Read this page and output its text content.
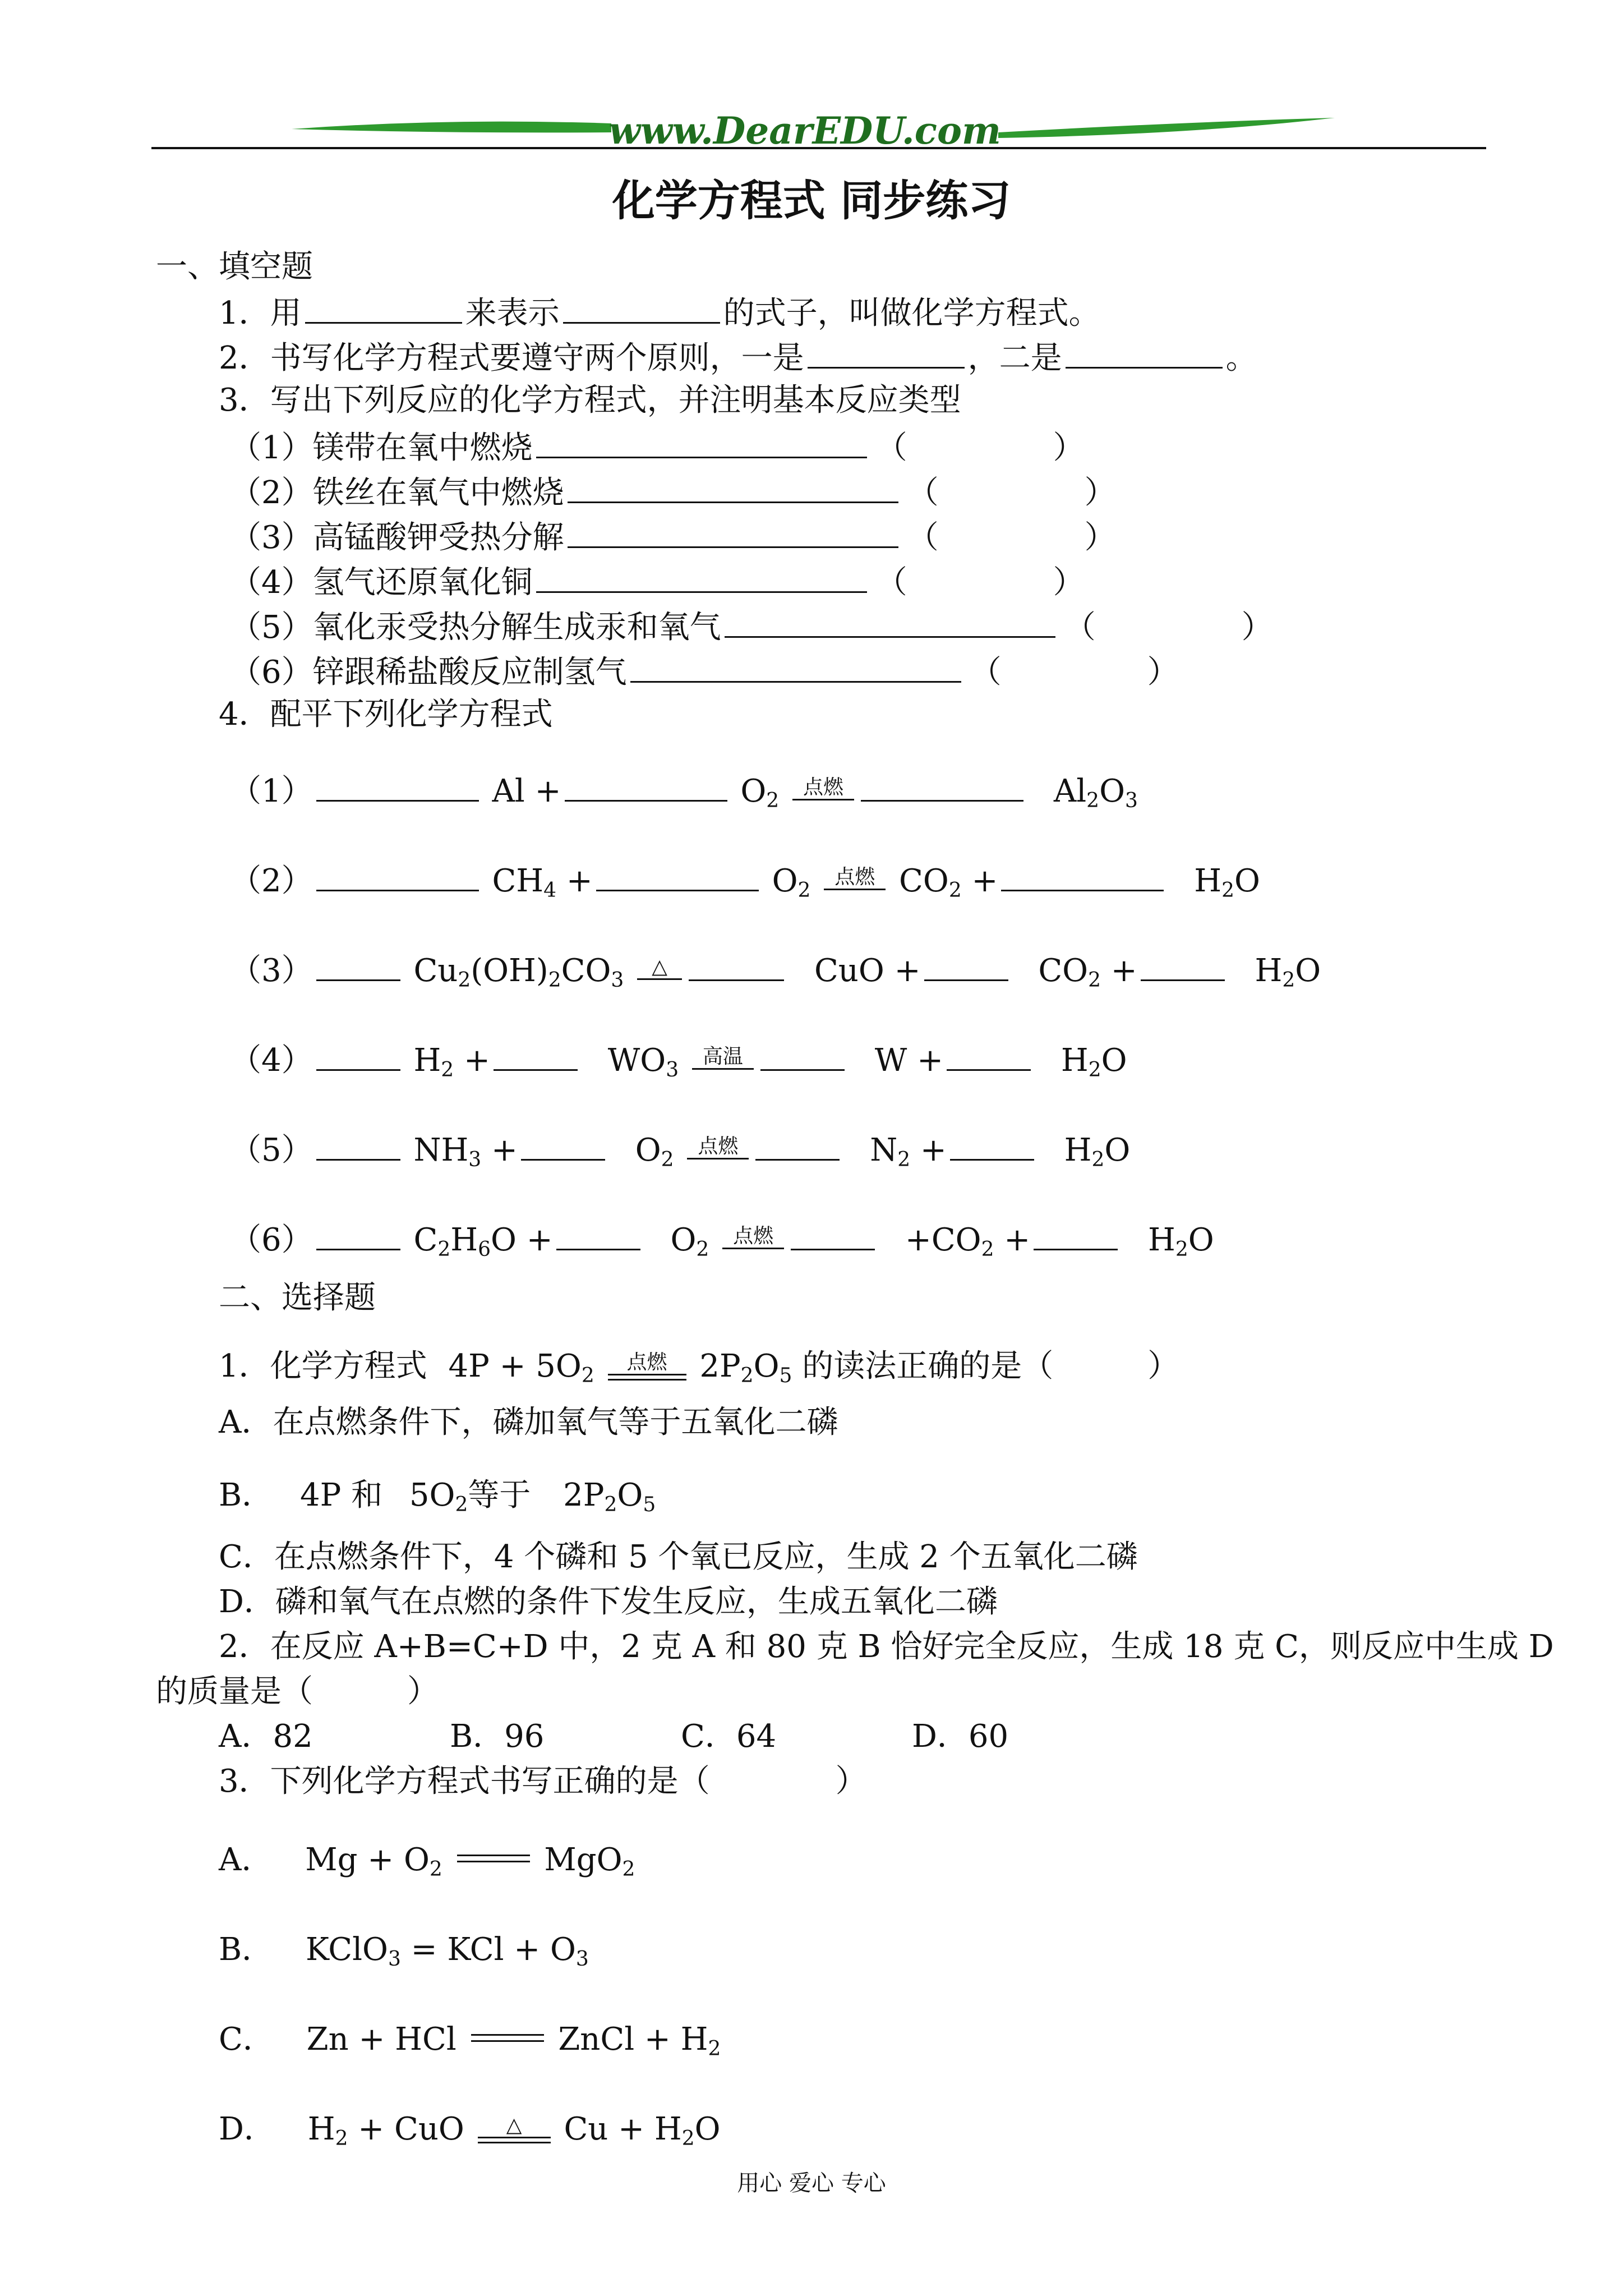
www.DearEDU.com
化学方程式 同步练习
一、填空题
1．用	来表示	的式子，叫做化学方程式。
2．书写化学方程式要遵守两个原则，一是	，二是	。
3．写出下列反应的化学方程式，并注明基本反应类型
（1）镁带在氧中燃烧	（	）
（2）铁丝在氧气中燃烧	（	）
（3）高锰酸钾受热分解	（	）
（4）氢气还原氧化铜	（	）
（5）氧化汞受热分解生成汞和氧气	（	）
（6）锌跟稀盐酸反应制氢气	（	）
4．配平下列化学方程式
（1）	Al +	$O_2$
点燃	$Al_2O_3$
（2）	$CH_4$ +	$O_2$
点燃 $CO_2$ +	$H_2O$
（3）	$Cu_2(OH)_2CO_3$
△	CuO +	$CO_2$ +	$H_2O$
（4）	$H_2$ +	$WO_3$
高温	W +	$H_2O$
（5）	$NH_3$ +	$O_2$
点燃	$N_2$ +	$H_2O$
（6）	$C_2H_6O$ +	$O_2$
点燃	$+CO_2$ +	$H_2O$
二、选择题
1．化学方程式 $4P + 5O_2$
点燃	$2P_2O_5$ 的读法正确的是（　　　）
A．在点燃条件下，磷加氧气等于五氧化二磷
B． 4P 和 $5O_2$等于 $2P_2O_5$
C．在点燃条件下，4 个磷和 5 个氧已反应，生成 2 个五氧化二磷
D．磷和氧气在点燃的条件下发生反应，生成五氧化二磷
2．在反应 A+B=C+D 中，2 克 A 和 80 克 B 恰好完全反应，生成 18 克 C，则反应中生成 D
的质量是（　　　）
A．82	B．96	C．64	D．60
3．下列化学方程式书写正确的是（　　　　）
A． $Mg + O_2$	MgO$_2$
B． KClO$_3$ = KCl + $O_3$
C． Zn + HCl	ZnCl + $H_2$
D． $H_2$ + CuO	△	$Cu + H_2O$
用心 爱心 专心
